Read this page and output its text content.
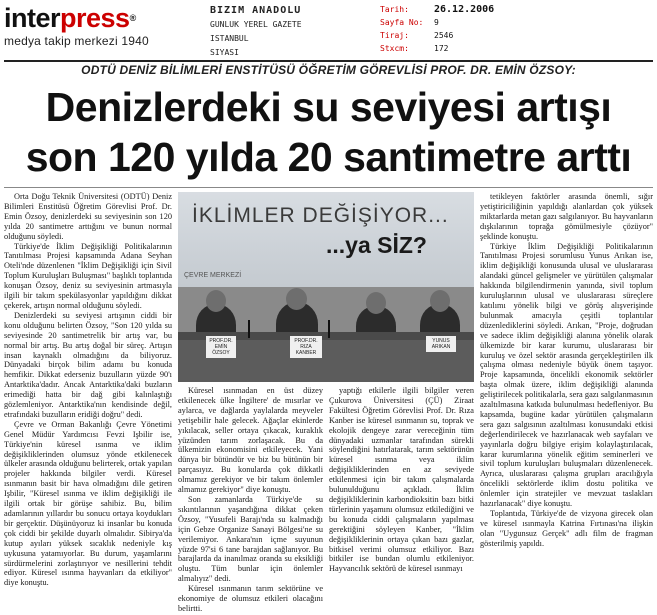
interpress®
medya takip merkezi 1940
BIZIM ANADOLU
GUNLUK YEREL GAZETE
ISTANBUL
SIYASI
Tarih:	26.12.2006
Sayfa No:	9
Tiraj:	2546
Stxcm:	172
ODTÜ DENİZ BİLİMLERİ ENSTİTÜSÜ ÖĞRETİM GÖREVLİSİ PROF. DR. EMİN ÖZSOY:
Denizlerdeki su seviyesi artışı
son 120 yılda 20 santimetre arttı

Orta Doğu Teknik Üniversitesi (ODTÜ) Deniz Bilimleri Enstitüsü Öğretim Görevlisi Prof. Dr. Emin Özsoy, denizlerdeki su seviyesinin son 120 yılda 20 santimetre arttığını ve bunun normal olduğunu söyledi.

Türkiye'de İklim Değişikliği Politikalarının Tanıtılması Projesi kapsamında Adana Seyhan Oteli'nde düzenlenen "İklim Değişikliği için Sivil Toplum Kuruluşları Buluşması" başlıklı toplantıda konuşan Özsoy, deniz su seviyesinin artmasıyla ilgili bir takım spekülasyonlar yapıldığını dikkat çekerek, artışın normal olduğunu söyledi.

Denizlerdeki su seviyesi artışının ciddi bir konu olduğunu belirten Özsoy, "Son 120 yılda su seviyesinde 20 santimetrelik bir artış var, bu normal bir artış. Bu artış doğal bir süreç. Artışın insan kaynaklı olmadığını da biliyoruz. Dünyadaki birçok bilim adamı bu konuda hemfikir. Dikkat ederseniz buzulların yüzde 90'ı Antarktika'dadır. Ancak Antarktika'daki buzların erimediği hatta bir dağ gibi kalınlaştığı gözlemleniyor. Antarktika'nın kendisinde değil, etrafındaki buzulların eridiği doğru" dedi.

Çevre ve Orman Bakanlığı Çevre Yönetimi Genel Müdür Yardımcısı Fevzi Işbilir ise, Türkiye'nin küresel ısınma ve iklim değişikliklerinden olumsuz yönde etkilenecek ülkeler arasında olduğunu belirterek, ortak yapılan projeler hakkında bilgiler verdi. Küresel ısınmanın basit bir hava olmadığını dile getiren Işbilir, "Küresel ısınma ve iklim değişikliği ile ilgili ortak bir görüşe sahibiz. Bu, bilim adamlarının yıllardır bu sonucu ortaya koydukları bir gerçektir. Düşünüyoruz ki insanlar bu konuda çok ciddi bir şekilde duyarlı olmalıdır. Sibirya'da kutup ayıları yüksek sıcaklık nedeniyle kış uykusuna yatamıyorlar. Bu durum, yaşamlarını sürdürmelerini zorlaştırıyor ve nesillerini tehdit ediyor. Küresel ısınma hayvanları da etkiliyor" diye konuştu.

İKLİMLER DEĞİŞİYOR...
...ya SİZ?
ÇEVRE MERKEZİ
PROF.DR. EMİN ÖZSOY
PROF.DR. RIZA KANBER
YUNUS ARIKAN

Küresel ısınmadan en üst düzey etkilenecek ülke İngiltere' de mısırlar ve aylarca, ve dağlarda yaylalarda meyveler yetişebilir hale gelecek. Ağaçlar ekinlerde yıkılacak, seller ortaya çıkacak, kuraklık yüzünden tarım zorlaşacak. Bu da ülkemizin ekonomisini etkileyecek. Yani dünya bir bütündür ve biz bu bütünün bir parçasıyız. Bu konularda çok dikkatli olmamız gerekiyor ve bir takım önlemler almamız gerekiyor" diye konuştu.

Son zamanlarda Türkiye'de su sıkıntılarının yaşandığına dikkat çeken Özsoy, "Yusufeli Barajı'nda su kalmadığı için Gebze Organize Sanayi Bölgesi'ne su verilemiyor. Ankara'nın içme suyunun yüzde 97'si 6 tane barajdan sağlanıyor. Bu barajlarda da inanılmaz oranda su eksikliği oluştu. Tüm bunlar için önlemler almalıyız" dedi.

Küresel ısınmanın tarım sektörüne ve ekonomiye de olumsuz etkileri olacağını belirtti.

yaptığı etkilerle ilgili bilgiler veren Çukurova Üniversitesi (ÇÜ) Ziraat Fakültesi Öğretim Görevlisi Prof. Dr. Rıza Kanber ise küresel ısınmanın su, toprak ve ekolojik dengeye zarar vereceğinin tüm dünyadaki uzmanlar tarafından sürekli söylendiğini hatırlatarak, tarım sektörünün küresel ısınma veya iklim değişikliklerinden en az seviyede etkilenmesi için bir takım çalışmalarda bulunulduğunu açıkladı. İklim değişikliklerinin karbondioksitin bazı bitki türlerinin yaşamını olumsuz etkilediğini ve bu konuda ciddi çalışmaların yapılması gerektiğini söyleyen Kanber, "İklim değişikliklerinin ortaya çıkan bazı gazlar, bitkisel verimi olumsuz etkiliyor. Bazı bitkiler ise bundan olumlu etkileniyor. Hayvancılık sektörü de küresel ısınmayı

tetikleyen faktörler arasında önemli, sığır yetiştiriciliğinin yapıldığı alanlardan çok yüksek miktarlarda metan gazı salgılanıyor. Bu hayvanların dışkılarının toprağa gömülmesiyle çözüyor" şeklinde konuştu.

Türkiye İklim Değişikliği Politikalarının Tanıtılması Projesi sorumlusu Yunus Arıkan ise, iklim değişikliği konusunda ulusal ve uluslararası alandaki güncel gelişmeler ve yürütülen çalışmalar hakkında bilgilendirmenin yanında, sivil toplum kuruluşlarının ulusal ve uluslararası süreçlere katılımı yönelik bilgi ve görüş alışverişinde bulunmak amacıyla çeşitli toplantılar düzenlediklerini söyledi. Arıkan, "Proje, doğrudan ve sadece iklim değişikliği alanına yönelik olarak ülkemizde bir karar kurumu, uluslararası bir kuruluş ve özel sektör arasında gerçekleştirilen ilk çalışma olması nedeniyle büyük önem taşıyor. Proje kapsamında, öncelikli ekonomik sektörler başta olmak üzere, iklim değişikliği alanında geliştirilecek politikalarla, sera gazı salgılanmasının azaltılmasına katkıda bulunulması hedefleniyor. Bu kapsamda, bugüne kadar yürütülen çalışmaların sera gazı salgısının azaltılması konusundaki etkisi değerlendirilecek ve hazırlanacak web sayfaları ve yayınlarla doğru bilgiye erişim kolaylaştırılacak, karar kurumlarına yönelik eğitim seminerleri ve sivil toplum kuruluşları buluşmaları düzenlenecek. Ayrıca, uluslararası çalışma grupları aracılığıyla öncelikli sektörlerde iklim dostu politika ve önlemler için stratejiler ve mevzuat taslakları hazırlanacak" diye konuştu.

Toplantıda, Türkiye'de de vizyona girecek olan ve küresel ısınmayla Katrina Fırtınası'na ilişkin olan "Uygunsuz Gerçek" adlı film de fragman gösterilmiş yapıldı.
